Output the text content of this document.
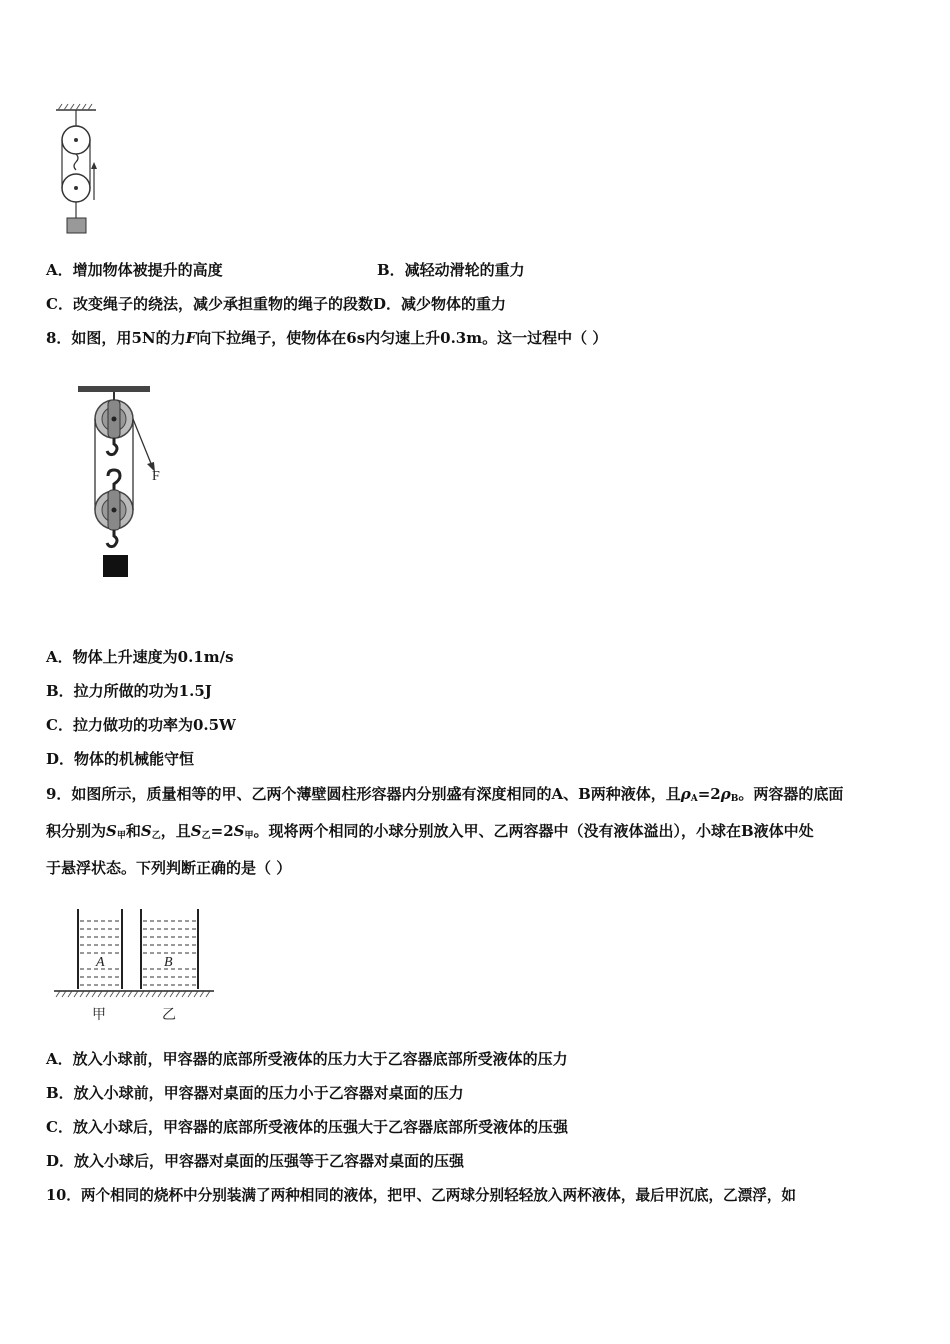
A．增加物体被提升的高度	B．减轻动滑轮的重力
C．改变绳子的绕法，减少承担重物的绳子的段数D．减少物体的重力
8．如图，用5N的力F向下拉绳子，使物体在6s内匀速上升0.3m。这一过程中（ ）
F
A．物体上升速度为0.1m/s
B．拉力所做的功为1.5J
C．拉力做功的功率为0.5W
D．物体的机械能守恒
9．如图所示，质量相等的甲、乙两个薄壁圆柱形容器内分别盛有深度相同的A、B两种液体，且$\rho_A=2\rho_B$。两容器的底面
积分别为$S_甲$和$S_乙$，且$S_乙=2S_甲$。现将两个相同的小球分别放入甲、乙两容器中（没有液体溢出），小球在B液体中处
于悬浮状态。下列判断正确的是（ ）
A	B
甲	乙
A．放入小球前，甲容器的底部所受液体的压力大于乙容器底部所受液体的压力
B．放入小球前，甲容器对桌面的压力小于乙容器对桌面的压力
C．放入小球后，甲容器的底部所受液体的压强大于乙容器底部所受液体的压强
D．放入小球后，甲容器对桌面的压强等于乙容器对桌面的压强
10．两个相同的烧杯中分别装满了两种相同的液体，把甲、乙两球分别轻轻放入两杯液体，最后甲沉底，乙漂浮，如
